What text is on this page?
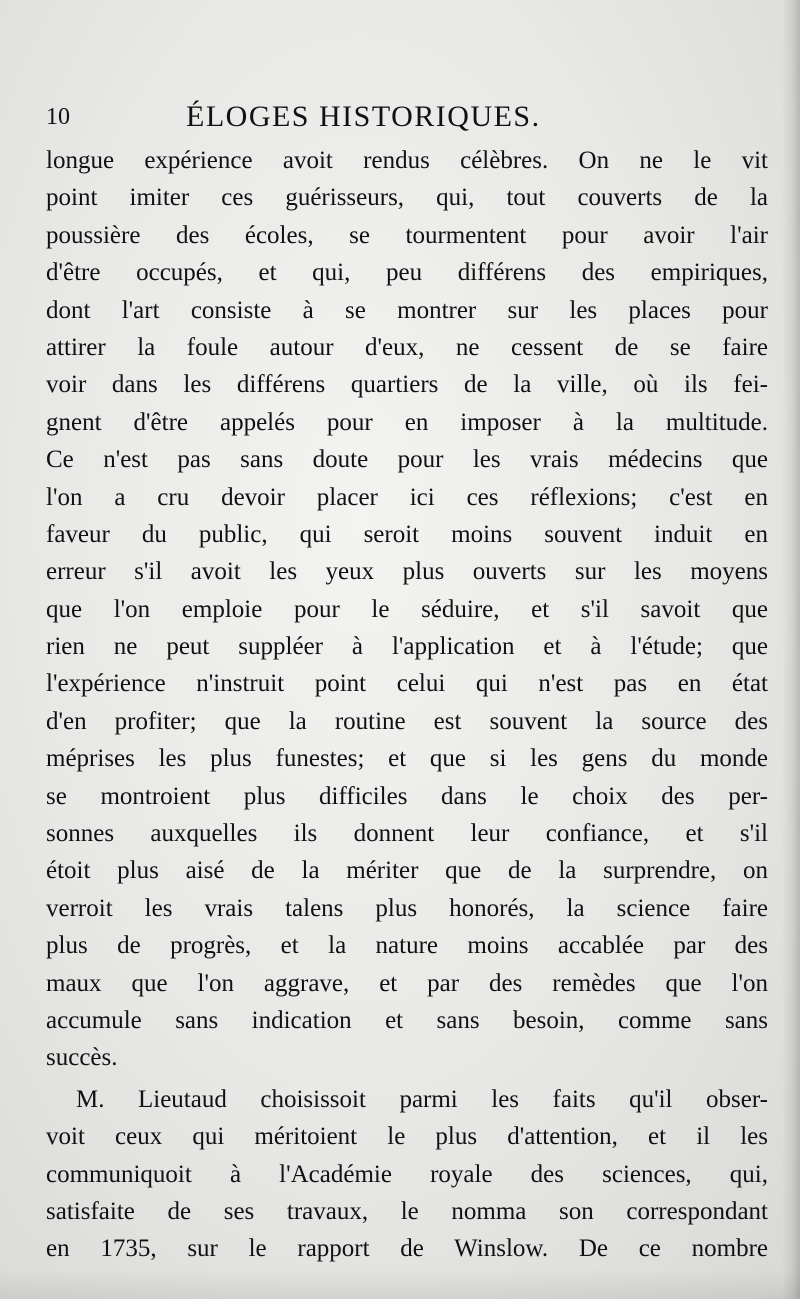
10	ÉLOGES HISTORIQUES.
longue expérience avoit rendus célèbres. On ne le vit
point imiter ces guérisseurs, qui, tout couverts de la
poussière des écoles, se tourmentent pour avoir l'air
d'être occupés, et qui, peu différens des empiriques,
dont l'art consiste à se montrer sur les places pour
attirer la foule autour d'eux, ne cessent de se faire
voir dans les différens quartiers de la ville, où ils fei-
gnent d'être appelés pour en imposer à la multitude.
Ce n'est pas sans doute pour les vrais médecins que
l'on a cru devoir placer ici ces réflexions; c'est en
faveur du public, qui seroit moins souvent induit en
erreur s'il avoit les yeux plus ouverts sur les moyens
que l'on emploie pour le séduire, et s'il savoit que
rien ne peut suppléer à l'application et à l'étude; que
l'expérience n'instruit point celui qui n'est pas en état
d'en profiter; que la routine est souvent la source des
méprises les plus funestes; et que si les gens du monde
se montroient plus difficiles dans le choix des per-
sonnes auxquelles ils donnent leur confiance, et s'il
étoit plus aisé de la mériter que de la surprendre, on
verroit les vrais talens plus honorés, la science faire
plus de progrès, et la nature moins accablée par des
maux que l'on aggrave, et par des remèdes que l'on
accumule sans indication et sans besoin, comme sans
succès.
M. Lieutaud choisissoit parmi les faits qu'il obser-
voit ceux qui méritoient le plus d'attention, et il les
communiquoit à l'Académie royale des sciences, qui,
satisfaite de ses travaux, le nomma son correspondant
en 1735, sur le rapport de Winslow. De ce nombre
